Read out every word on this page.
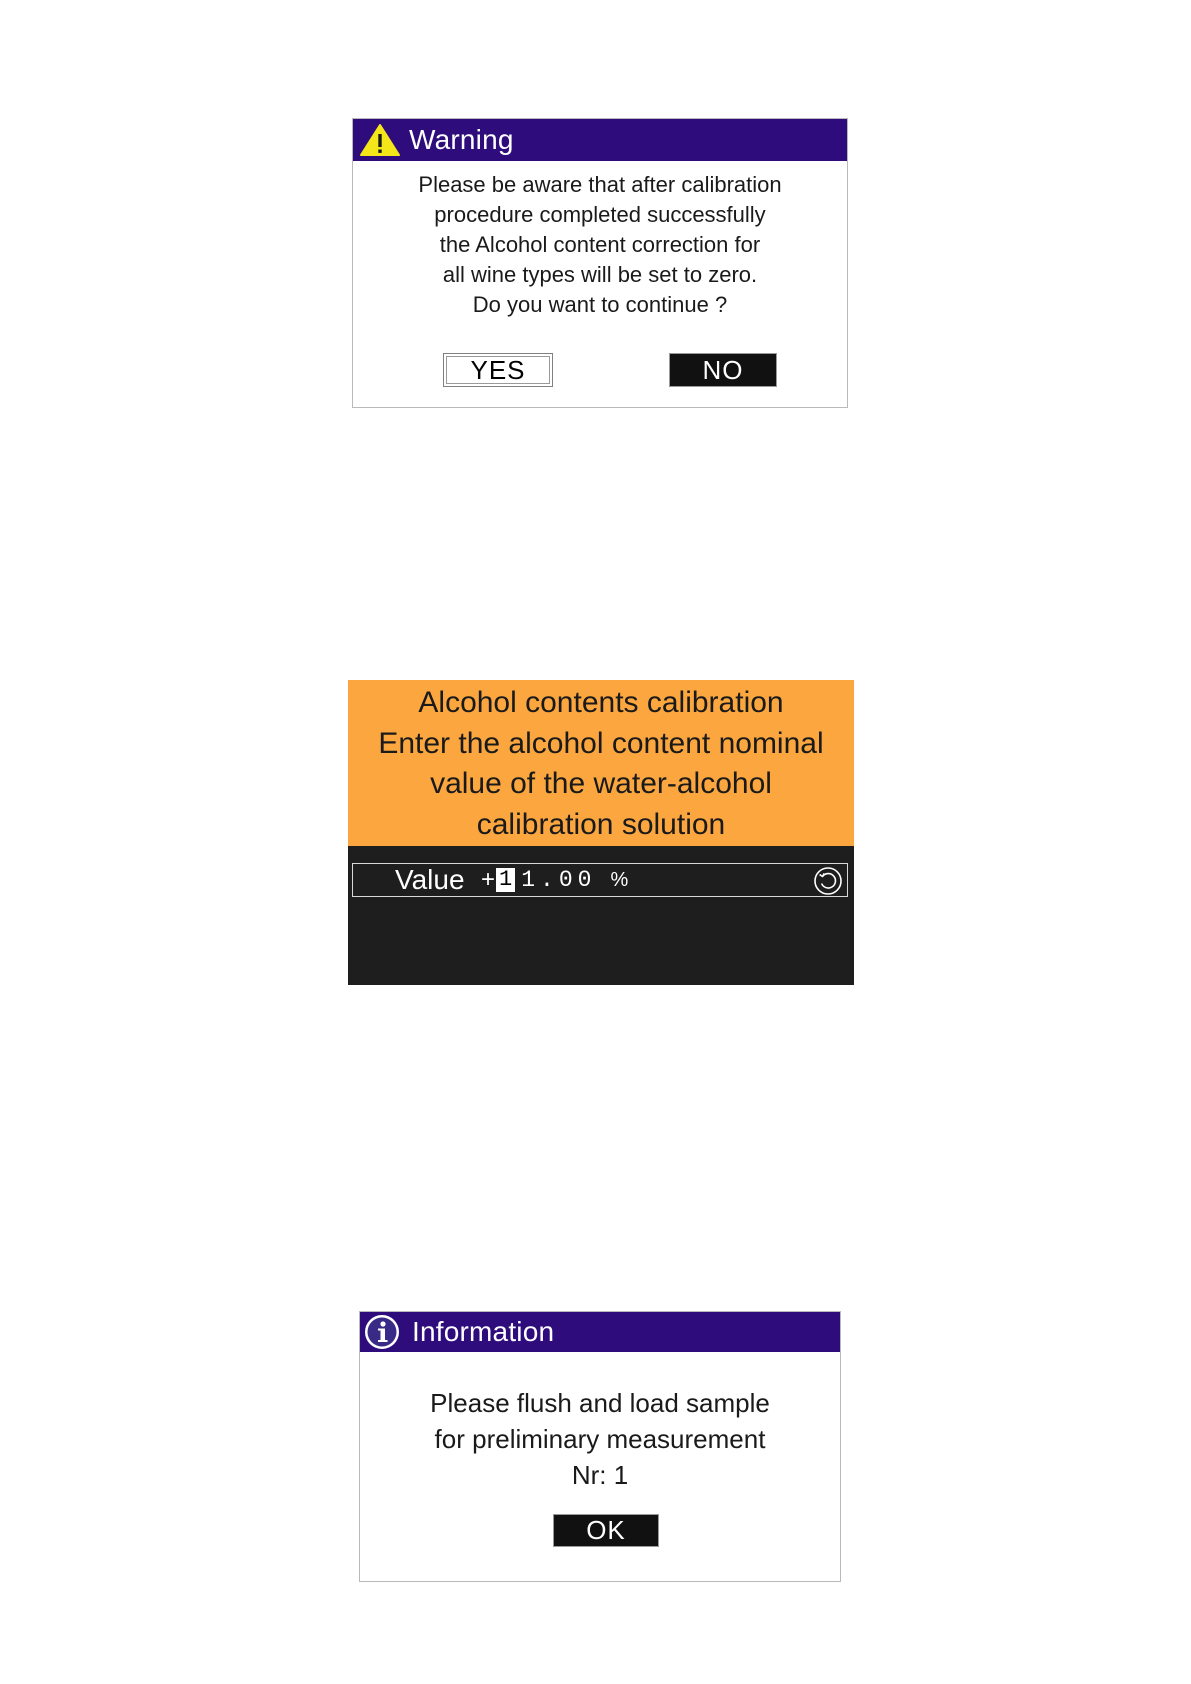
Warning
Please be aware that after calibration
procedure completed successfully
the Alcohol content correction for
all wine types will be set to zero.
Do you want to continue ?
YES	NO
Alcohol contents calibration
Enter the alcohol content nominal
value of the water-alcohol
calibration solution
Value + 1 1.00 %
Information
Please flush and load sample
for preliminary measurement
Nr: 1
OK
